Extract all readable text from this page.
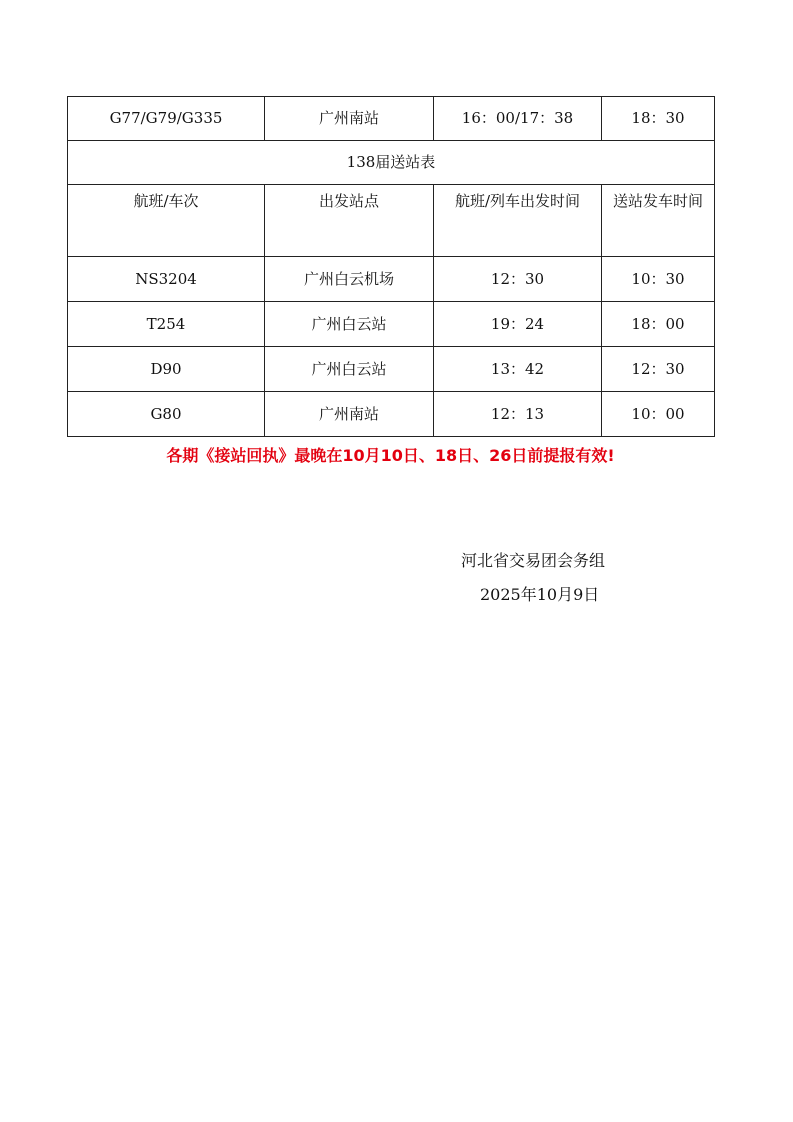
G77/G79/G335	广州南站	16：00/17：38	18：30
138届送站表			
航班/车次	出发站点	航班/列车出发时间	送站发车时间
NS3204	广州白云机场	12：30	10：30
T254	广州白云站	19：24	18：00
D90	广州白云站	13：42	12：30
G80	广州南站	12：13	10：00
各期《接站回执》最晚在10月10日、18日、26日前提报有效!
河北省交易团会务组
2025年10月9日
